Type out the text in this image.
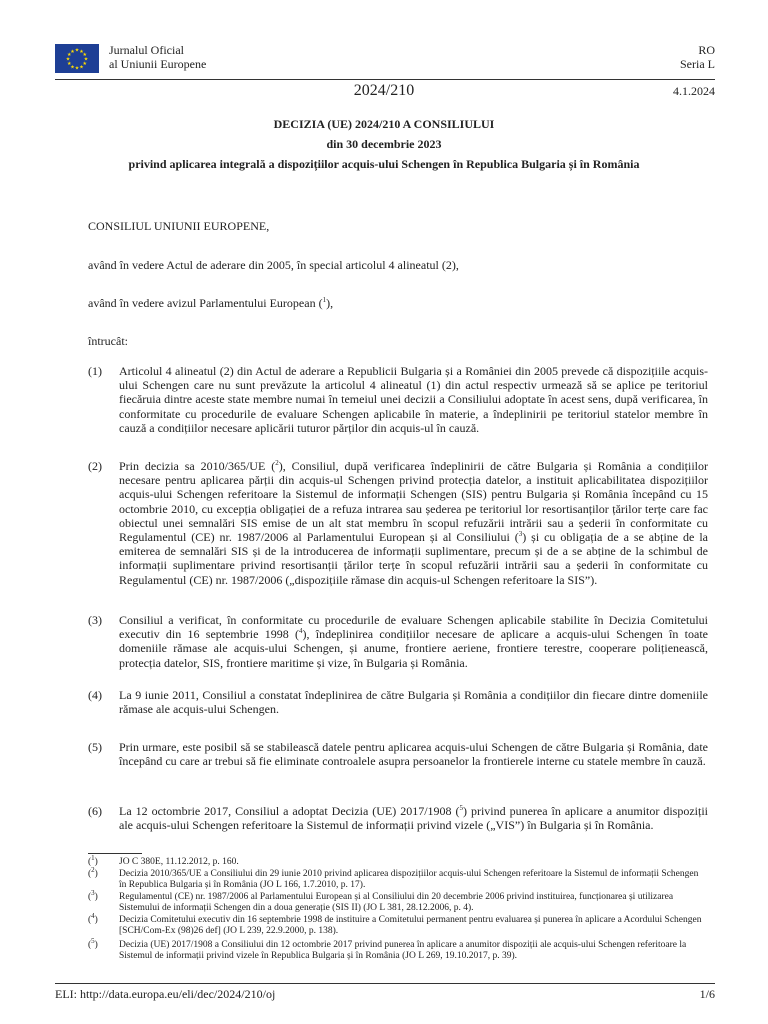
★ ★
★
★
★
★
★
★
★
★
★
★	Jurnalul Oficial
al Uniunii Europene
RO
Seria L
2024/210	4.1.2024
DECIZIA (UE) 2024/210 A CONSILIULUI
din 30 decembrie 2023
privind aplicarea integrală a dispozițiilor acquis-ului Schengen în Republica Bulgaria și în România
CONSILIUL UNIUNII EUROPENE,
având în vedere Actul de aderare din 2005, în special articolul 4 alineatul (2),
având în vedere avizul Parlamentului European ($^1$),
întrucât:
(1) Articolul 4 alineatul (2) din Actul de aderare a Republicii Bulgaria și a României din 2005 prevede că dispozițiile acquis-ului Schengen care nu sunt prevăzute la articolul 4 alineatul (1) din actul respectiv urmează să se aplice pe teritoriul fiecăruia dintre aceste state membre numai în temeiul unei decizii a Consiliului adoptate în acest sens, după verificarea, în conformitate cu procedurile de evaluare Schengen aplicabile în materie, a îndeplinirii pe teritoriul statelor membre în cauză a condițiilor necesare aplicării tuturor părților din acquis-ul în cauză.
(2) Prin decizia sa 2010/365/UE ($^2$), Consiliul, după verificarea îndeplinirii de către Bulgaria și România a condițiilor necesare pentru aplicarea părții din acquis-ul Schengen privind protecția datelor, a instituit aplicabilitatea dispozițiilor acquis-ului Schengen referitoare la Sistemul de informații Schengen (SIS) pentru Bulgaria și România începând cu 15 octombrie 2010, cu excepția obligației de a refuza intrarea sau șederea pe teritoriul lor resortisanților țărilor terțe care fac obiectul unei semnalări SIS emise de un alt stat membru în scopul refuzării intrării sau a șederii în conformitate cu Regulamentul (CE) nr. 1987/2006 al Parlamentului European și al Consiliului ($^3$) și cu obligația de a se abține de la emiterea de semnalări SIS și de la introducerea de informații suplimentare, precum și de a se abține de la schimbul de informații suplimentare privind resortisanții țărilor terțe în scopul refuzării intrării sau a șederii în conformitate cu Regulamentul (CE) nr. 1987/2006 („dispozițiile rămase din acquis-ul Schengen referitoare la SIS”).
(3) Consiliul a verificat, în conformitate cu procedurile de evaluare Schengen aplicabile stabilite în Decizia Comitetului executiv din 16 septembrie 1998 ($^4$), îndeplinirea condițiilor necesare de aplicare a acquis-ului Schengen în toate domeniile rămase ale acquis-ului Schengen, și anume, frontiere aeriene, frontiere terestre, cooperare polițienească, protecția datelor, SIS, frontiere maritime și vize, în Bulgaria și România.
(4) La 9 iunie 2011, Consiliul a constatat îndeplinirea de către Bulgaria și România a condițiilor din fiecare dintre domeniile rămase ale acquis-ului Schengen.
(5) Prin urmare, este posibil să se stabilească datele pentru aplicarea acquis-ului Schengen de către Bulgaria și România, date începând cu care ar trebui să fie eliminate controalele asupra persoanelor la frontierele interne cu statele membre în cauză.
(6) La 12 octombrie 2017, Consiliul a adoptat Decizia (UE) 2017/1908 ($^5$) privind punerea în aplicare a anumitor dispoziții ale acquis-ului Schengen referitoare la Sistemul de informații privind vizele („VIS”) în Bulgaria și în România.
($^1$) JO C 380E, 11.12.2012, p. 160.
($^2$) Decizia 2010/365/UE a Consiliului din 29 iunie 2010 privind aplicarea dispozițiilor acquis-ului Schengen referitoare la Sistemul de informații Schengen în Republica Bulgaria și în România (JO L 166, 1.7.2010, p. 17).
($^3$) Regulamentul (CE) nr. 1987/2006 al Parlamentului European și al Consiliului din 20 decembrie 2006 privind instituirea, funcționarea și utilizarea Sistemului de informații Schengen din a doua generație (SIS II) (JO L 381, 28.12.2006, p. 4).
($^4$) Decizia Comitetului executiv din 16 septembrie 1998 de instituire a Comitetului permanent pentru evaluarea și punerea în aplicare a Acordului Schengen [SCH/Com-Ex (98)26 def] (JO L 239, 22.9.2000, p. 138).
($^5$) Decizia (UE) 2017/1908 a Consiliului din 12 octombrie 2017 privind punerea în aplicare a anumitor dispoziții ale acquis-ului Schengen referitoare la Sistemul de informații privind vizele în Republica Bulgaria și în România (JO L 269, 19.10.2017, p. 39).
ELI: http://data.europa.eu/eli/dec/2024/210/oj	1/6
